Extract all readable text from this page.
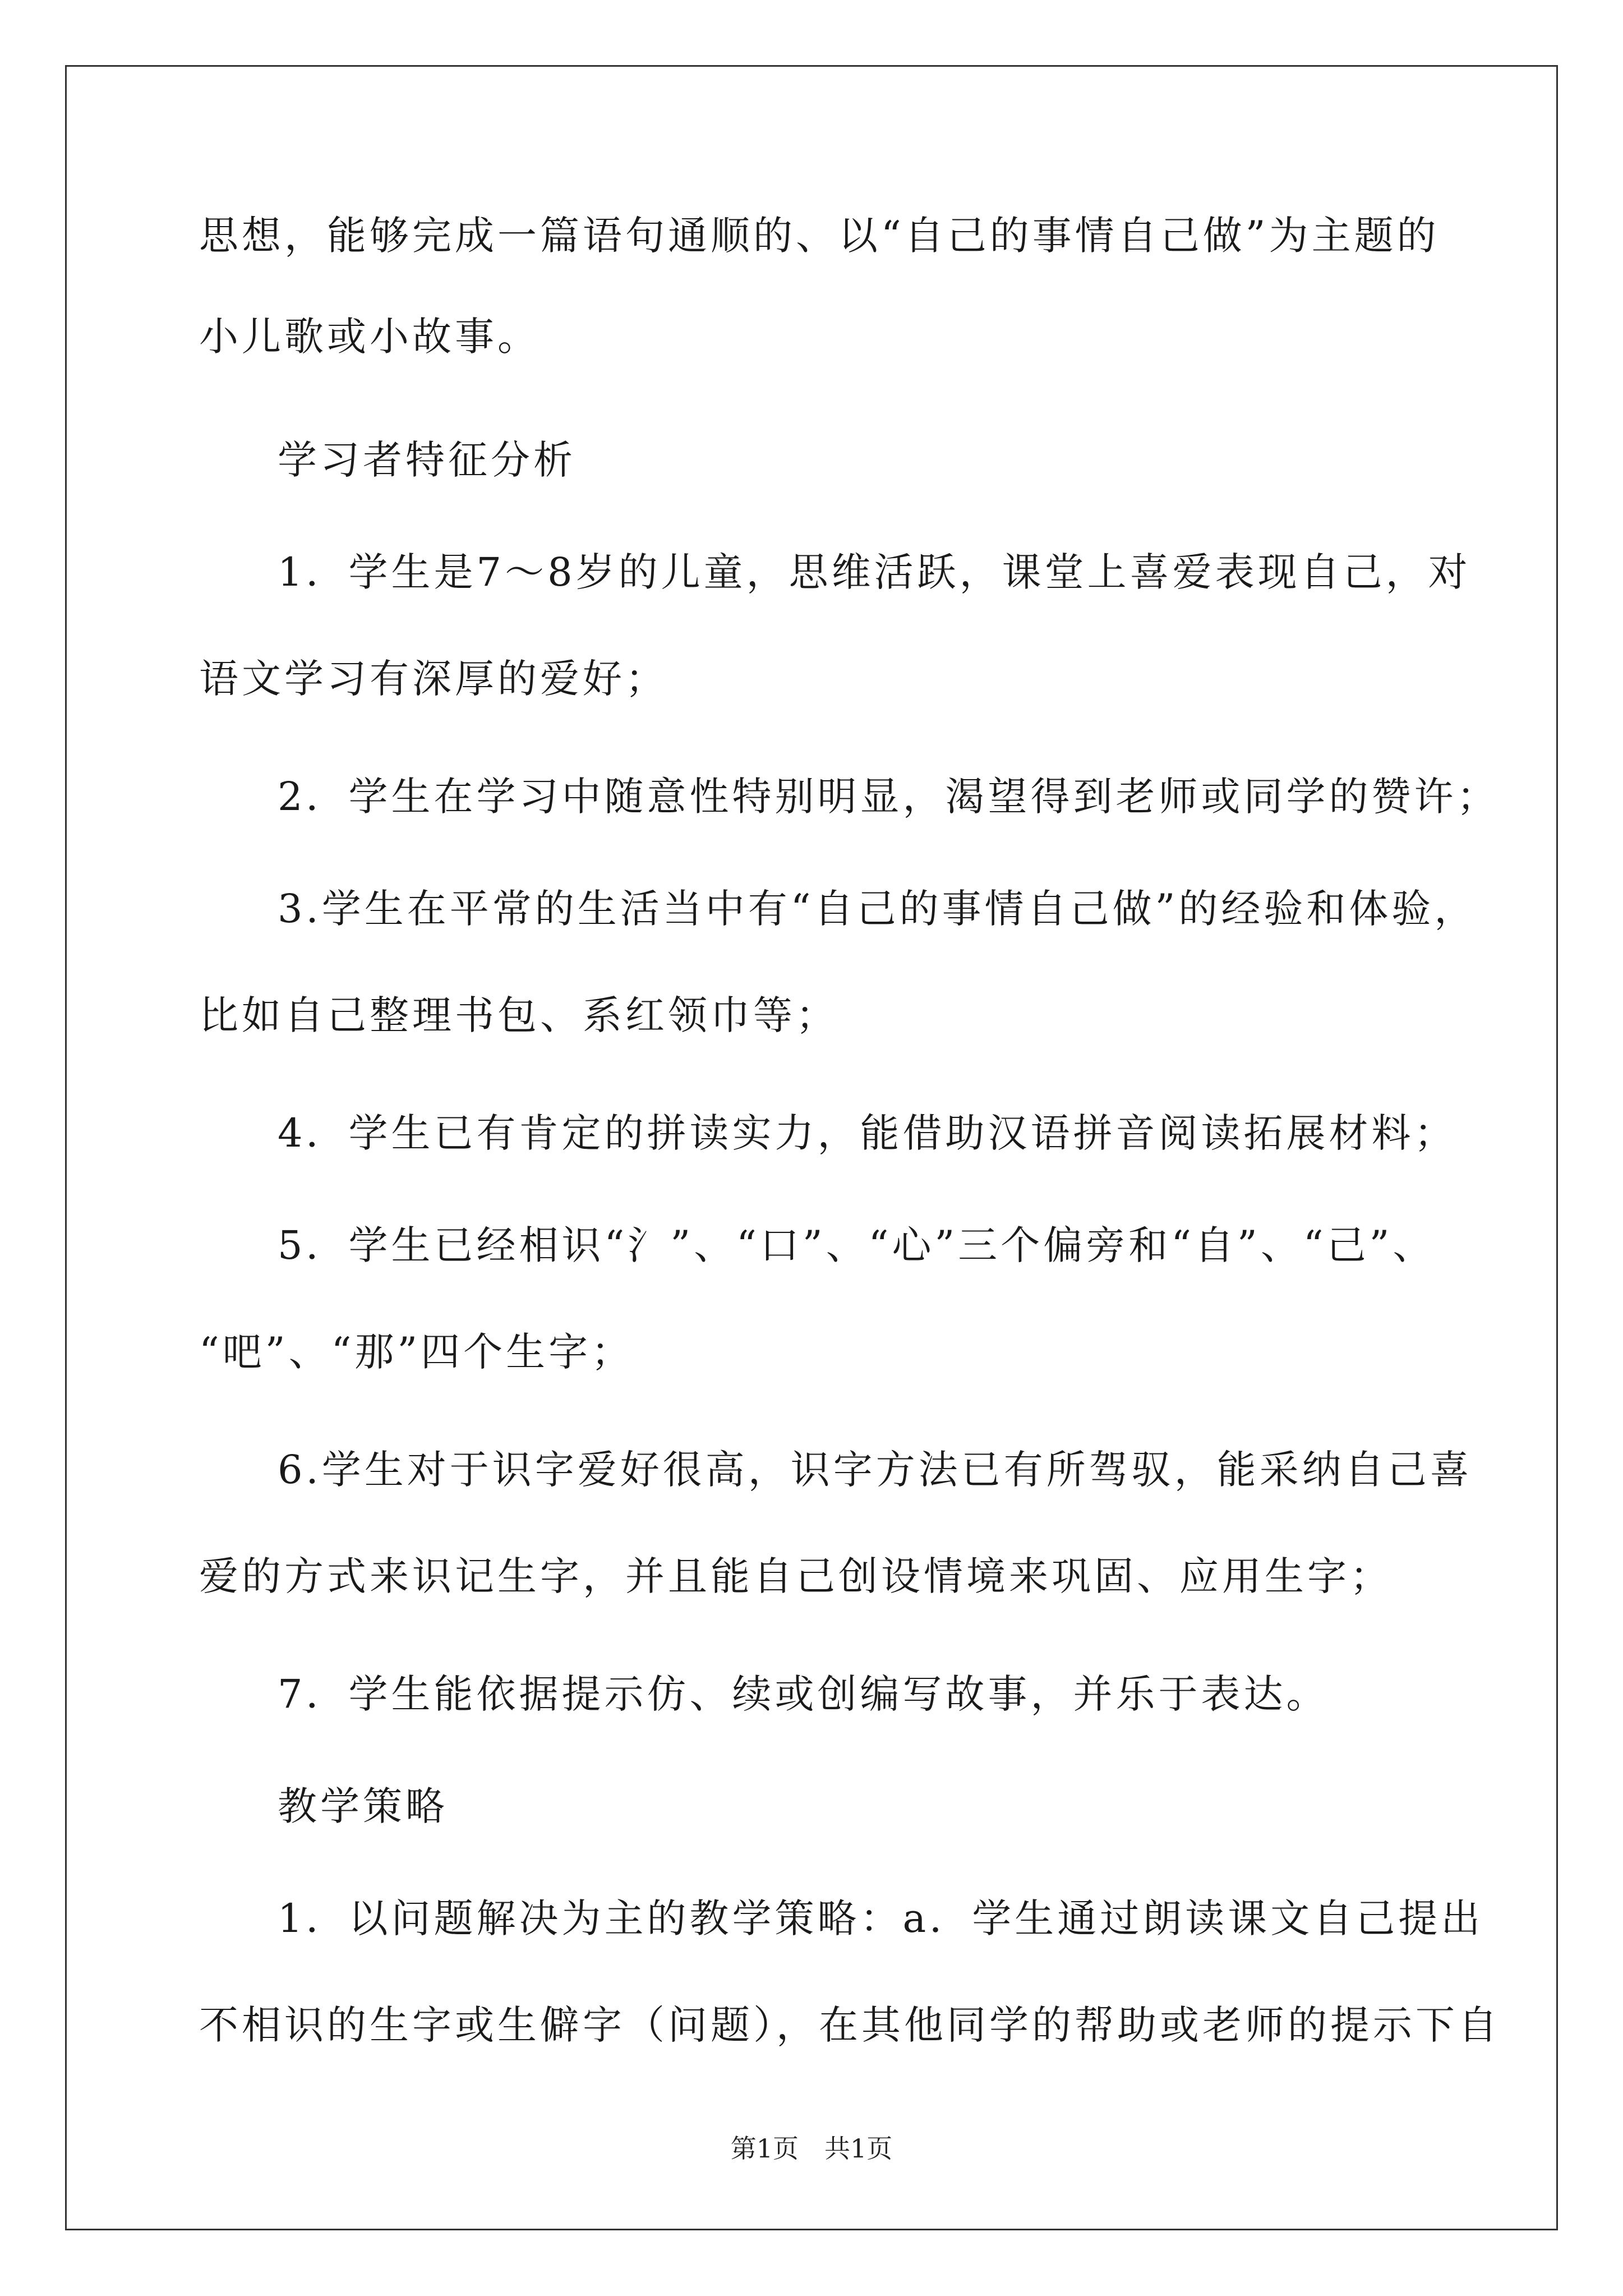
思想，能够完成一篇语句通顺的、以“自己的事情自己做”为主题的
小儿歌或小故事。
学习者特征分析
1．学生是7～8岁的儿童，思维活跃，课堂上喜爱表现自己，对
语文学习有深厚的爱好；
2．学生在学习中随意性特别明显，渴望得到老师或同学的赞许；
3.学生在平常的生活当中有“自己的事情自己做”的经验和体验，
比如自己整理书包、系红领巾等；
4．学生已有肯定的拼读实力，能借助汉语拼音阅读拓展材料；
5．学生已经相识“氵”、“口”、“心”三个偏旁和“自”、“己”、
“吧”、“那”四个生字；
6.学生对于识字爱好很高，识字方法已有所驾驭，能采纳自己喜
爱的方式来识记生字，并且能自己创设情境来巩固、应用生字；
7．学生能依据提示仿、续或创编写故事，并乐于表达。
教学策略
1．以问题解决为主的教学策略：a．学生通过朗读课文自己提出
不相识的生字或生僻字（问题），在其他同学的帮助或老师的提示下自
第1页　共1页
